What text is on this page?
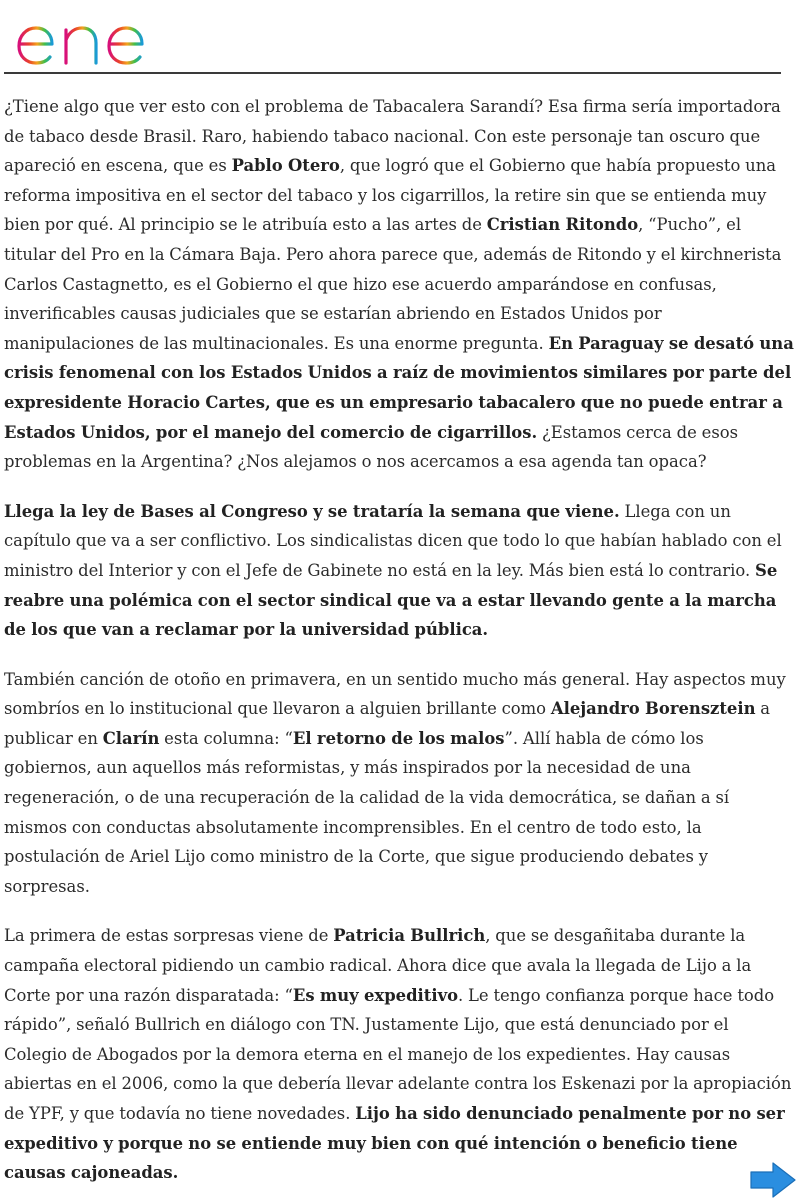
¿Tiene algo que ver esto con el problema de Tabacalera Sarandí? Esa firma sería importadora de tabaco desde Brasil. Raro, habiendo tabaco nacional. Con este personaje tan oscuro que apareció en escena, que es Pablo Otero, que logró que el Gobierno que había propuesto una reforma impositiva en el sector del tabaco y los cigarrillos, la retire sin que se entienda muy bien por qué. Al principio se le atribuía esto a las artes de Cristian Ritondo, “Pucho”, el titular del Pro en la Cámara Baja. Pero ahora parece que, además de Ritondo y el kirchnerista Carlos Castagnetto, es el Gobierno el que hizo ese acuerdo amparándose en confusas, inverificables causas judiciales que se estarían abriendo en Estados Unidos por manipulaciones de las multinacionales. Es una enorme pregunta. En Paraguay se desató una crisis fenomenal con los Estados Unidos a raíz de movimientos similares por parte del expresidente Horacio Cartes, que es un empresario tabacalero que no puede entrar a Estados Unidos, por el manejo del comercio de cigarrillos. ¿Estamos cerca de esos problemas en la Argentina? ¿Nos alejamos o nos acercamos a esa agenda tan opaca?

Llega la ley de Bases al Congreso y se trataría la semana que viene. Llega con un capítulo que va a ser conflictivo. Los sindicalistas dicen que todo lo que habían hablado con el ministro del Interior y con el Jefe de Gabinete no está en la ley. Más bien está lo contrario. Se reabre una polémica con el sector sindical que va a estar llevando gente a la marcha de los que van a reclamar por la universidad pública.

También canción de otoño en primavera, en un sentido mucho más general. Hay aspectos muy sombríos en lo institucional que llevaron a alguien brillante como Alejandro Borensztein a publicar en Clarín esta columna: “El retorno de los malos”. Allí habla de cómo los gobiernos, aun aquellos más reformistas, y más inspirados por la necesidad de una regeneración, o de una recuperación de la calidad de la vida democrática, se dañan a sí mismos con conductas absolutamente incomprensibles. En el centro de todo esto, la postulación de Ariel Lijo como ministro de la Corte, que sigue produciendo debates y sorpresas.

La primera de estas sorpresas viene de Patricia Bullrich, que se desgañitaba durante la campaña electoral pidiendo un cambio radical. Ahora dice que avala la llegada de Lijo a la Corte por una razón disparatada: “Es muy expeditivo. Le tengo confianza porque hace todo rápido”, señaló Bullrich en diálogo con TN. Justamente Lijo, que está denunciado por el Colegio de Abogados por la demora eterna en el manejo de los expedientes. Hay causas abiertas en el 2006, como la que debería llevar adelante contra los Eskenazi por la apropiación de YPF, y que todavía no tiene novedades. Lijo ha sido denunciado penalmente por no ser expeditivo y porque no se entiende muy bien con qué intención o beneficio tiene causas cajoneadas.
